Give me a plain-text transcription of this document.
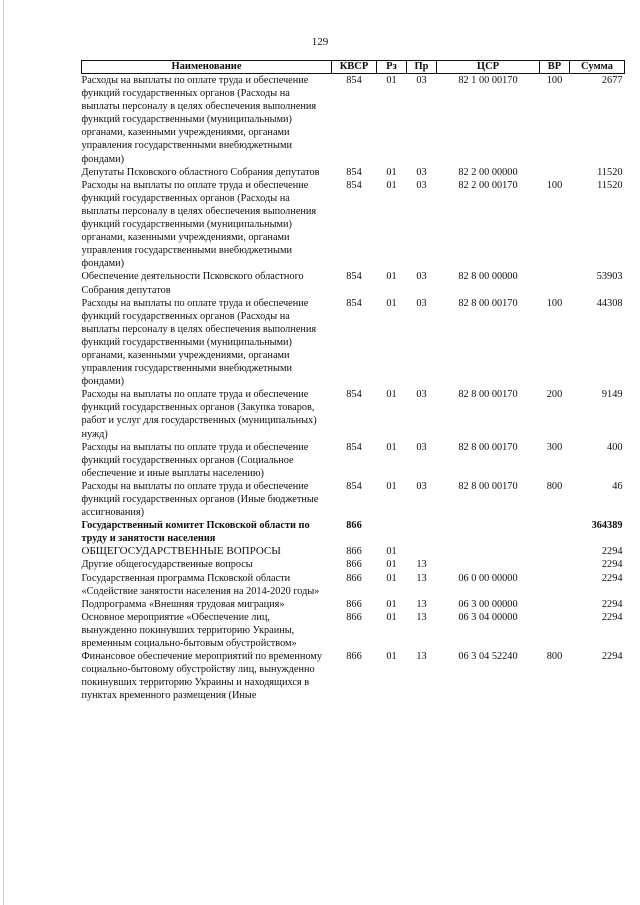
129
Наименование	КВСР	Рз	Пр	ЦСР	ВР	Сумма
Расходы на выплаты по оплате труда и обеспечение функций государственных органов (Расходы на выплаты персоналу в целях обеспечения выполнения функций государственными (муниципальными) органами, казенными учреждениями, органами управления государственными внебюджетными фондами)	854	01	03	82 1 00 00170	100	2677
Депутаты Псковского областного Собрания депутатов	854	01	03	82 2 00 00000		11520
Расходы на выплаты по оплате труда и обеспечение функций государственных органов (Расходы на выплаты персоналу в целях обеспечения выполнения функций государственными (муниципальными) органами, казенными учреждениями, органами управления государственными внебюджетными фондами)	854	01	03	82 2 00 00170	100	11520
Обеспечение деятельности Псковского областного Собрания депутатов	854	01	03	82 8 00 00000		53903
Расходы на выплаты по оплате труда и обеспечение функций государственных органов (Расходы на выплаты персоналу в целях обеспечения выполнения функций государственными (муниципальными) органами, казенными учреждениями, органами управления государственными внебюджетными фондами)	854	01	03	82 8 00 00170	100	44308
Расходы на выплаты по оплате труда и обеспечение функций государственных органов (Закупка товаров, работ и услуг для государственных (муниципальных) нужд)	854	01	03	82 8 00 00170	200	9149
Расходы на выплаты по оплате труда и обеспечение функций государственных органов (Социальное обеспечение и иные выплаты населению)	854	01	03	82 8 00 00170	300	400
Расходы на выплаты по оплате труда и обеспечение функций государственных органов (Иные бюджетные ассигнования)	854	01	03	82 8 00 00170	800	46
Государственный комитет Псковской области по труду и занятости населения	866					364389
ОБЩЕГОСУДАРСТВЕННЫЕ ВОПРОСЫ	866	01				2294
Другие общегосударственные вопросы	866	01	13			2294
Государственная программа Псковской области «Содействие занятости населения на 2014-2020 годы»	866	01	13	06 0 00 00000		2294
Подпрограмма «Внешняя трудовая миграция»	866	01	13	06 3 00 00000		2294
Основное мероприятие «Обеспечение лиц, вынужденно покинувших территорию Украины, временным социально-бытовым обустройством»	866	01	13	06 3 04 00000		2294
Финансовое обеспечение мероприятий по временному социально-бытовому обустройству лиц, вынужденно покинувших территорию Украины и находящихся в пунктах временного размещения (Иные	866	01	13	06 3 04 52240	800	2294
